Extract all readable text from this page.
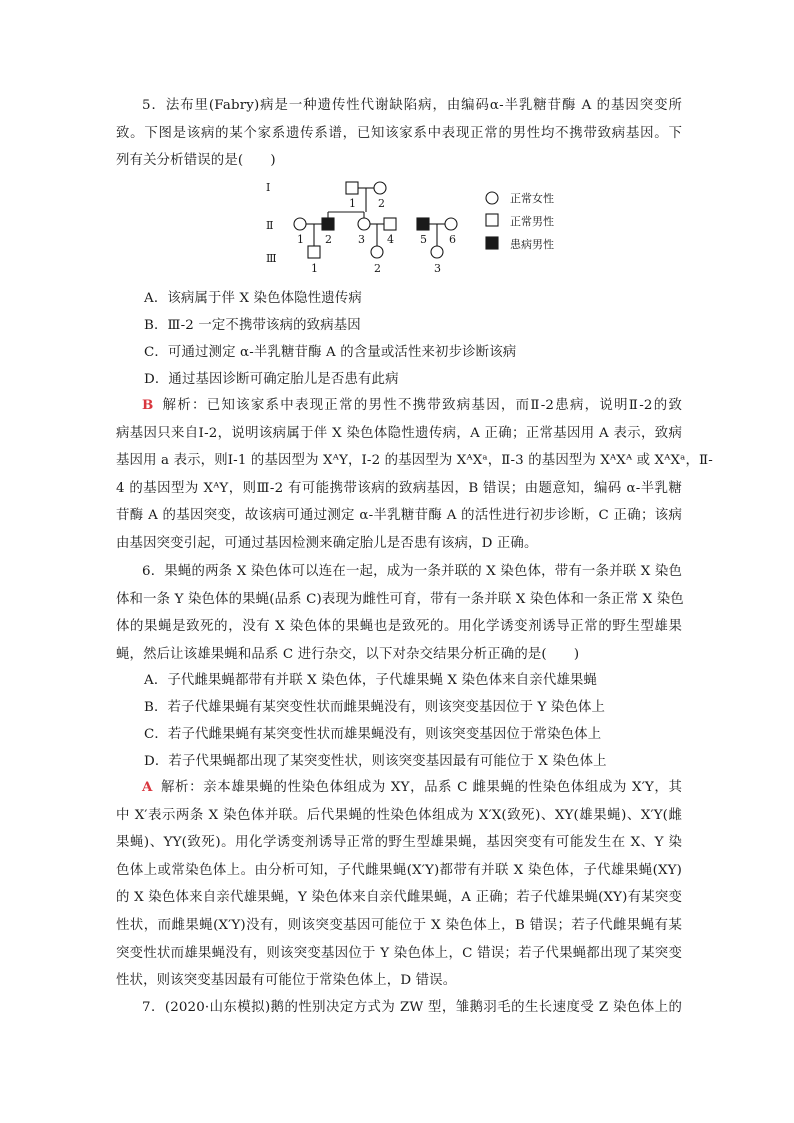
5．法布里(Fabry)病是一种遗传性代谢缺陷病，由编码α-半乳糖苷酶 A 的基因突变所
致。下图是该病的某个家系遗传系谱，已知该家系中表现正常的男性均不携带致病基因。下
列有关分析错误的是(　　)
Ⅰ
Ⅱ
Ⅲ
1 2
1 2 3 4 5 6
1	2	3
正常女性
正常男性
患病男性
A．该病属于伴 X 染色体隐性遗传病
B．Ⅲ-2 一定不携带该病的致病基因
C．可通过测定 α-半乳糖苷酶 A 的含量或活性来初步诊断该病
D．通过基因诊断可确定胎儿是否患有此病
B 解析：已知该家系中表现正常的男性不携带致病基因，而Ⅱ-2患病，说明Ⅱ-2的致
病基因只来自Ⅰ-2，说明该病属于伴 X 染色体隐性遗传病，A 正确；正常基因用 A 表示，致病
基因用 a 表示，则Ⅰ-1 的基因型为 XᴬY，Ⅰ-2 的基因型为 XᴬXᵃ，Ⅱ-3 的基因型为 XᴬXᴬ 或 XᴬXᵃ，Ⅱ-
4 的基因型为 XᴬY，则Ⅲ-2 有可能携带该病的致病基因，B 错误；由题意知，编码 α-半乳糖
苷酶 A 的基因突变，故该病可通过测定 α-半乳糖苷酶 A 的活性进行初步诊断，C 正确；该病
由基因突变引起，可通过基因检测来确定胎儿是否患有该病，D 正确。
6．果蝇的两条 X 染色体可以连在一起，成为一条并联的 X 染色体，带有一条并联 X 染色
体和一条 Y 染色体的果蝇(品系 C)表现为雌性可育，带有一条并联 X 染色体和一条正常 X 染色
体的果蝇是致死的，没有 X 染色体的果蝇也是致死的。用化学诱变剂诱导正常的野生型雄果
蝇，然后让该雄果蝇和品系 C 进行杂交，以下对杂交结果分析正确的是(　　)
A．子代雌果蝇都带有并联 X 染色体，子代雄果蝇 X 染色体来自亲代雄果蝇
B．若子代雄果蝇有某突变性状而雌果蝇没有，则该突变基因位于 Y 染色体上
C．若子代雌果蝇有某突变性状而雄果蝇没有，则该突变基因位于常染色体上
D．若子代果蝇都出现了某突变性状，则该突变基因最有可能位于 X 染色体上
A 解析：亲本雄果蝇的性染色体组成为 XY，品系 C 雌果蝇的性染色体组成为 X′Y，其
中 X′表示两条 X 染色体并联。后代果蝇的性染色体组成为 X′X(致死)、XY(雄果蝇)、X′Y(雌
果蝇)、YY(致死)。用化学诱变剂诱导正常的野生型雄果蝇，基因突变有可能发生在 X、Y 染
色体上或常染色体上。由分析可知，子代雌果蝇(X′Y)都带有并联 X 染色体，子代雄果蝇(XY)
的 X 染色体来自亲代雄果蝇，Y 染色体来自亲代雌果蝇，A 正确；若子代雄果蝇(XY)有某突变
性状，而雌果蝇(X′Y)没有，则该突变基因可能位于 X 染色体上，B 错误；若子代雌果蝇有某
突变性状而雄果蝇没有，则该突变基因位于 Y 染色体上，C 错误；若子代果蝇都出现了某突变
性状，则该突变基因最有可能位于常染色体上，D 错误。
7．(2020·山东模拟)鹅的性别决定方式为 ZW 型，雏鹅羽毛的生长速度受 Z 染色体上的
